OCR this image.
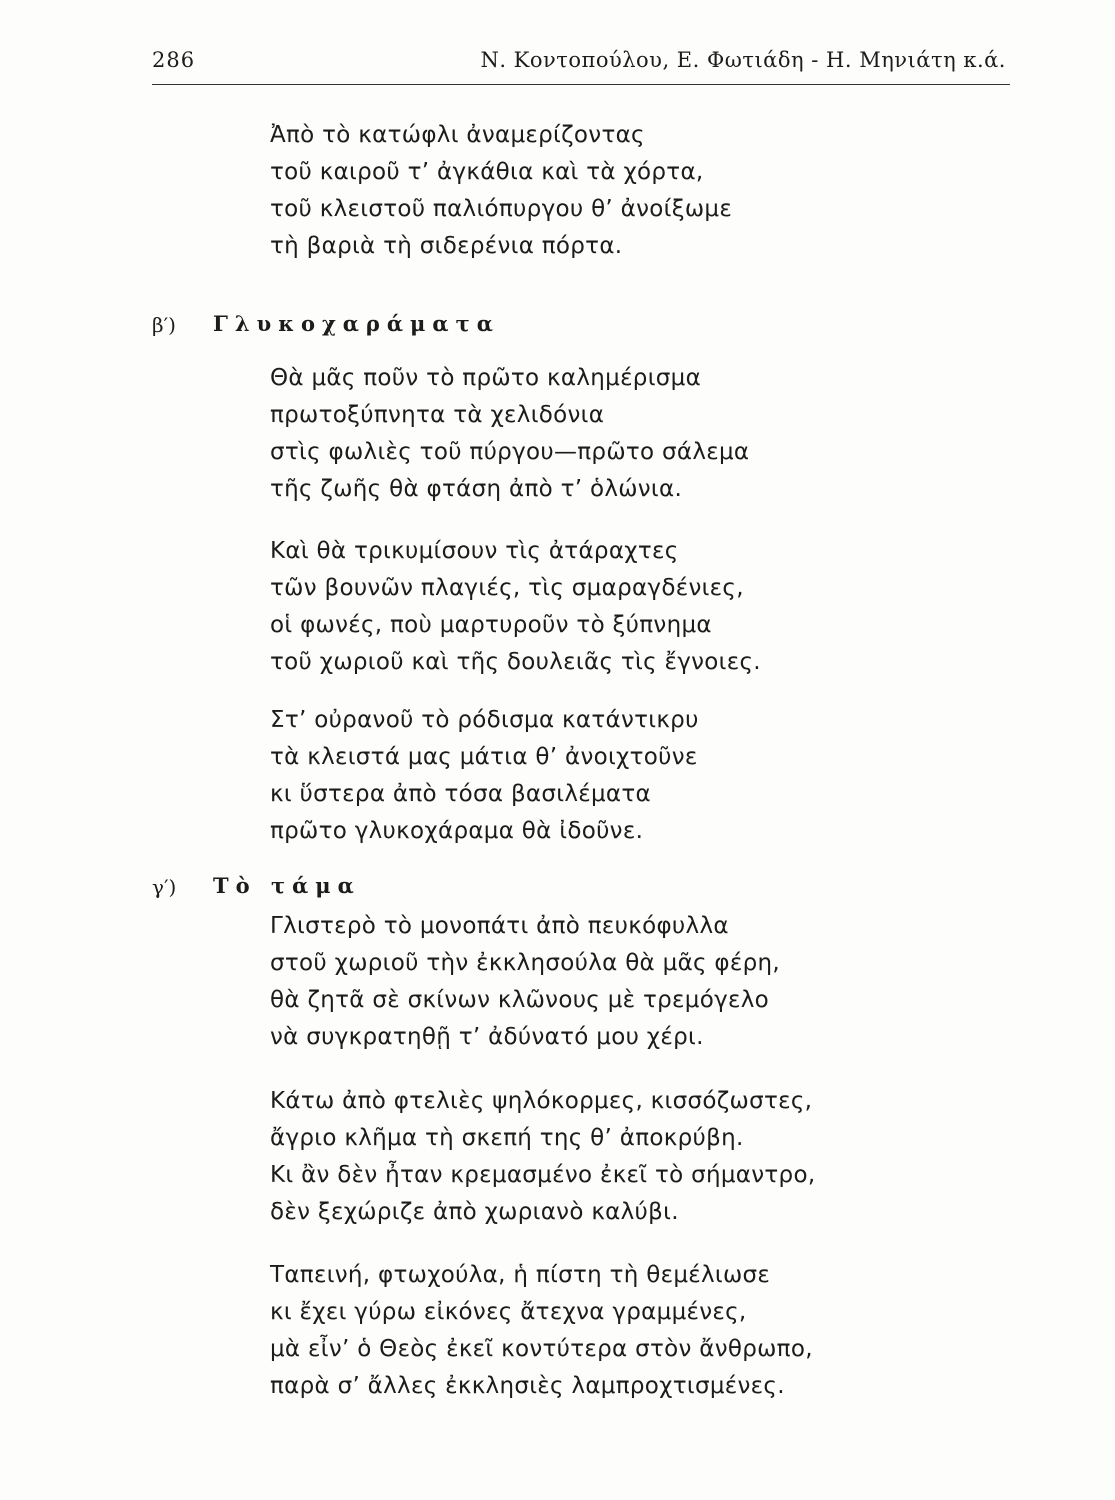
286	Ν. Κοντοπούλου, Ε. Φωτιάδη - Η. Μηνιάτη κ.ά.
Ἀπὸ τὸ κατώφλι ἀναμερίζοντας
τοῦ καιροῦ τ’ ἀγκάθια καὶ τὰ χόρτα,
τοῦ κλειστοῦ παλιόπυργου θ’ ἀνοίξωμε
τὴ βαριὰ τὴ σιδερένια πόρτα.
β′) Γλυκοχαράματα
Θὰ μᾶς ποῦν τὸ πρῶτο καλημέρισμα
πρωτοξύπνητα τὰ χελιδόνια
στὶς φωλιὲς τοῦ πύργου—πρῶτο σάλεμα
τῆς ζωῆς θὰ φτάση ἀπὸ τ’ ὁλώνια.
Καὶ θὰ τρικυμίσουν τὶς ἀτάραχτες
τῶν βουνῶν πλαγιές, τὶς σμαραγδένιες,
οἱ φωνές, ποὺ μαρτυροῦν τὸ ξύπνημα
τοῦ χωριοῦ καὶ τῆς δουλειᾶς τὶς ἔγνοιες.
Στ’ οὐρανοῦ τὸ ρόδισμα κατάντικρυ
τὰ κλειστά μας μάτια θ’ ἀνοιχτοῦνε
κι ὕστερα ἀπὸ τόσα βασιλέματα
πρῶτο γλυκοχάραμα θὰ ἰδοῦνε.
γ′) Τὸ τάμα
Γλιστερὸ τὸ μονοπάτι ἀπὸ πευκόφυλλα
στοῦ χωριοῦ τὴν ἐκκλησούλα θὰ μᾶς φέρη,
θὰ ζητᾶ σὲ σκίνων κλῶνους μὲ τρεμόγελο
νὰ συγκρατηθῇ τ’ ἀδύνατό μου χέρι.
Κάτω ἀπὸ φτελιὲς ψηλόκορμες, κισσόζωστες,
ἄγριο κλῆμα τὴ σκεπή της θ’ ἀποκρύβη.
Κι ἂν δὲν ἦταν κρεμασμένο ἐκεῖ τὸ σήμαντρο,
δὲν ξεχώριζε ἀπὸ χωριανὸ καλύβι.
Ταπεινή, φτωχούλα, ἡ πίστη τὴ θεμέλιωσε
κι ἔχει γύρω εἰκόνες ἄτεχνα γραμμένες,
μὰ εἶν’ ὁ Θεὸς ἐκεῖ κοντύτερα στὸν ἄνθρωπο,
παρὰ σ’ ἄλλες ἐκκλησιὲς λαμπροχτισμένες.
